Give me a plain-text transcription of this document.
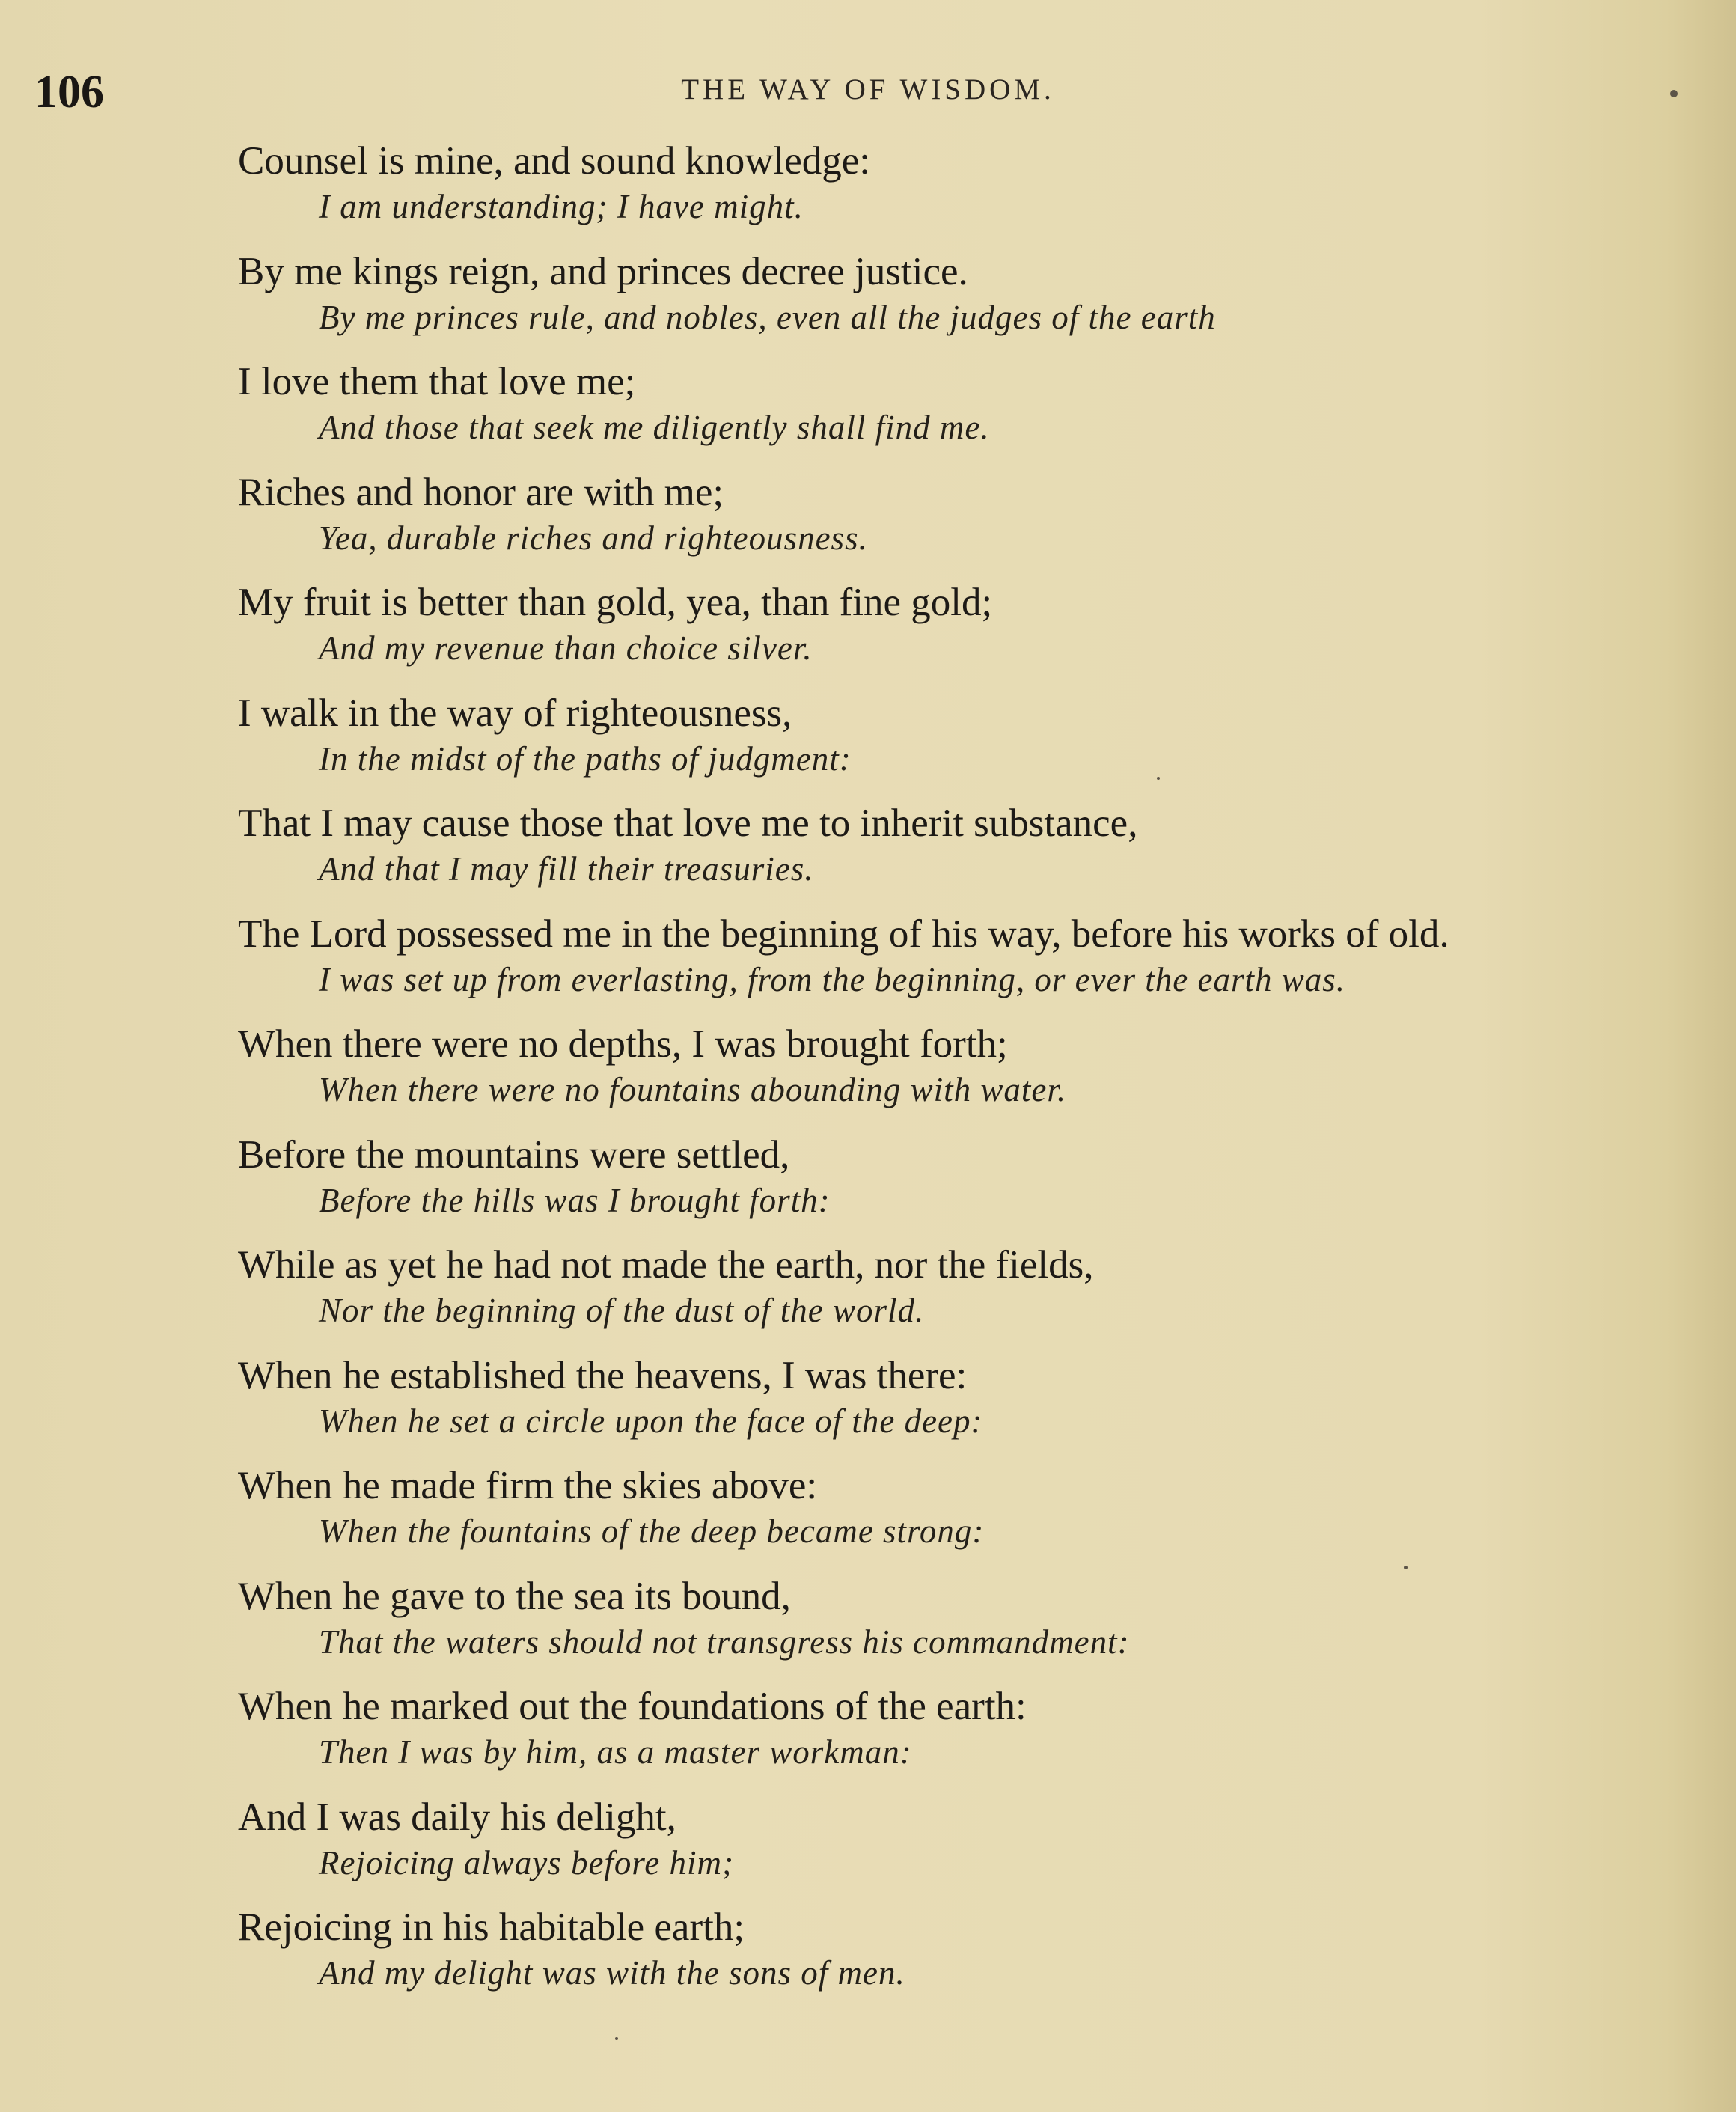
106	THE WAY OF WISDOM.
Counsel is mine, and sound knowledge:
I am understanding; I have might.
By me kings reign, and princes decree justice.
By me princes rule, and nobles, even all the judges of the earth
I love them that love me;
And those that seek me diligently shall find me.
Riches and honor are with me;
Yea, durable riches and righteousness.
My fruit is better than gold, yea, than fine gold;
And my revenue than choice silver.
I walk in the way of righteousness,
In the midst of the paths of judgment:
That I may cause those that love me to inherit substance,
And that I may fill their treasuries.
The Lord possessed me in the beginning of his way, before his works of old.
I was set up from everlasting, from the beginning, or ever the earth was.
When there were no depths, I was brought forth;
When there were no fountains abounding with water.
Before the mountains were settled,
Before the hills was I brought forth:
While as yet he had not made the earth, nor the fields,
Nor the beginning of the dust of the world.
When he established the heavens, I was there:
When he set a circle upon the face of the deep:
When he made firm the skies above:
When the fountains of the deep became strong:
When he gave to the sea its bound,
That the waters should not transgress his commandment:
When he marked out the foundations of the earth:
Then I was by him, as a master workman:
And I was daily his delight,
Rejoicing always before him;
Rejoicing in his habitable earth;
And my delight was with the sons of men.
